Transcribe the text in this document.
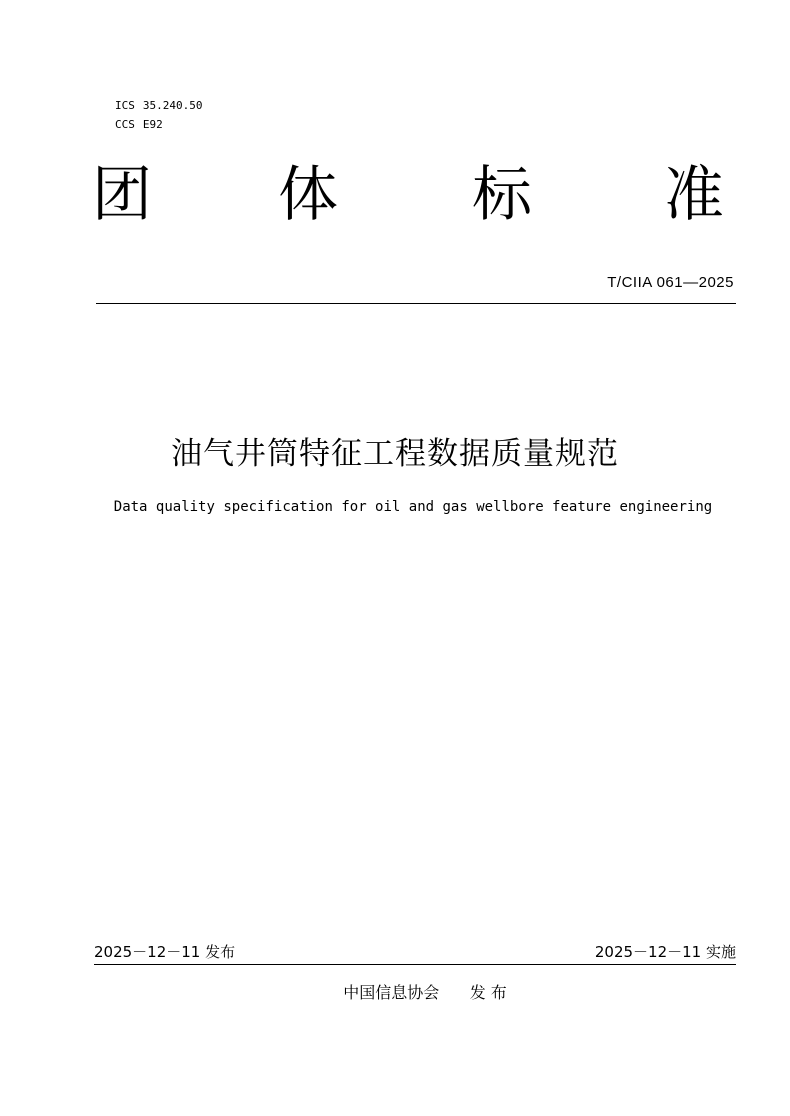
ICS 35.240.50
CCS E92
团 体 标 准
T/CIIA 061—2025
油气井筒特征工程数据质量规范
Data quality specification for oil and gas wellbore feature engineering
2025－12－11 发布	2025－12－11 实施
中国信息协会      发 布
